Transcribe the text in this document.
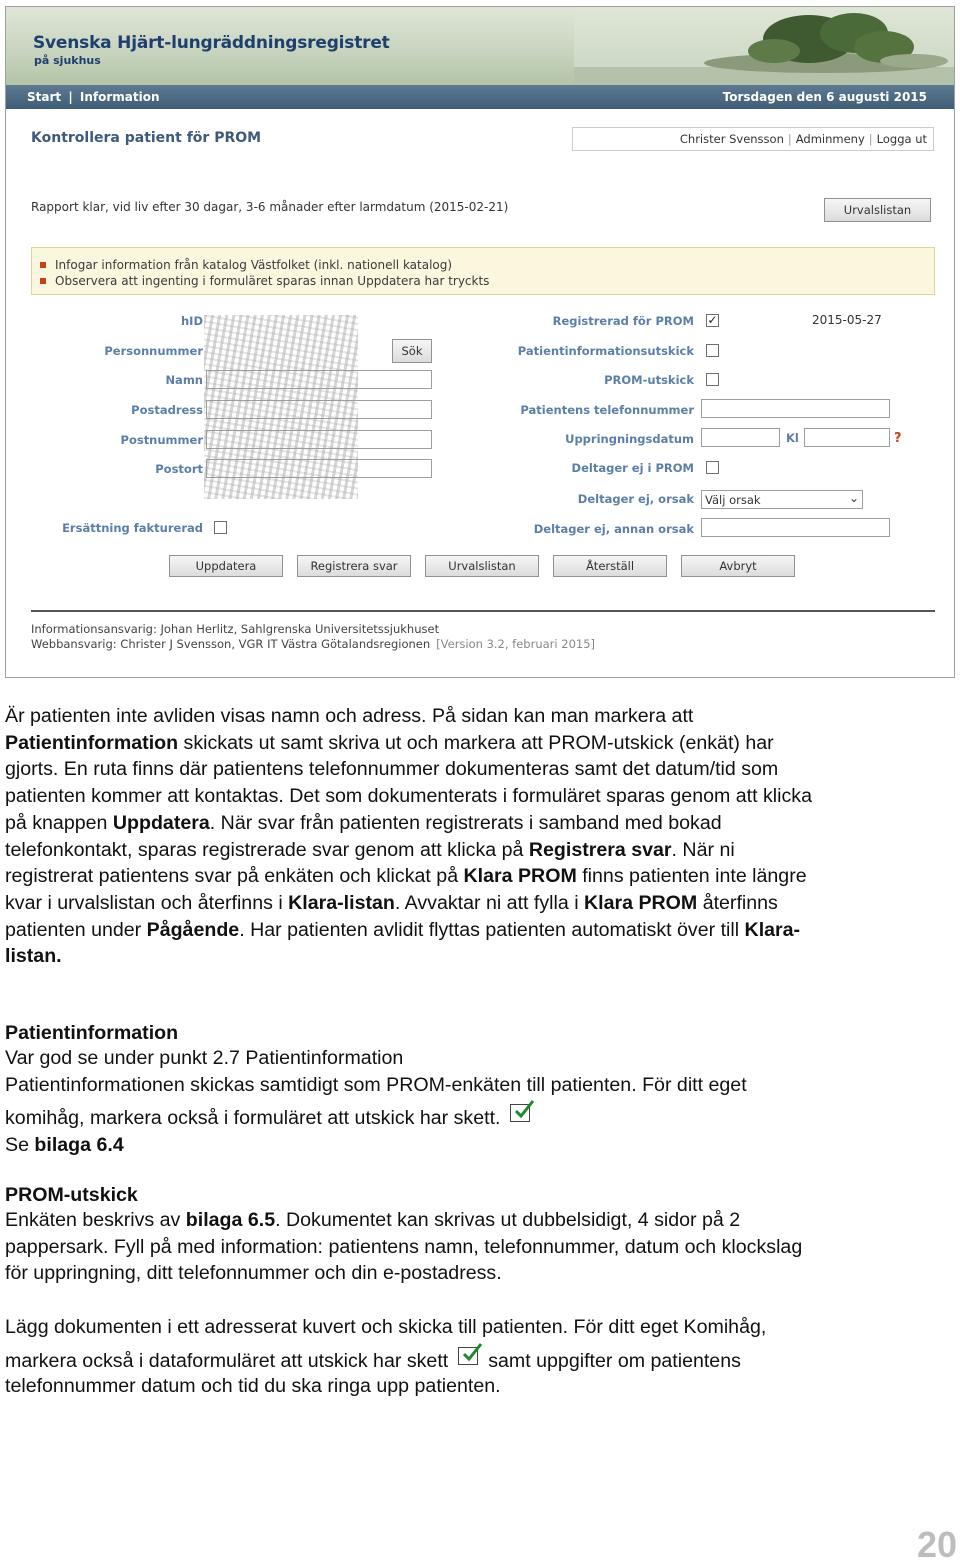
Svenska Hjärt-lungräddningsregistret
på sjukhus
Start | Information	Torsdagen den 6 augusti 2015
Kontrollera patient för PROM	Christer Svensson | Adminmeny | Logga ut
Rapport klar, vid liv efter 30 dagar, 3-6 månader efter larmdatum (2015-02-21)	Urvalslistan
Infogar information från katalog Västfolket (inkl. nationell katalog)
Observera att ingenting i formuläret sparas innan Uppdatera har tryckts
hID
Personnummer	Sök
Namn
Postadress
Postnummer
Postort
Ersättning fakturerad
Registrerad för PROM ✓	2015-05-27
Patientinformationsutskick
PROM-utskick
Patientens telefonnummer
Uppringningsdatum	Kl	?
Deltager ej i PROM
Deltager ej, orsak Välj orsak	⌄
Deltager ej, annan orsak
Uppdatera	Registrera svar	Urvalslistan	Återställ	Avbryt
Informationsansvarig: Johan Herlitz, Sahlgrenska Universitetssjukhuset
Webbansvarig: Christer J Svensson, VGR IT Västra Götalandsregionen [Version 3.2, februari 2015]
Är patienten inte avliden visas namn och adress. På sidan kan man markera att
Patientinformation skickats ut samt skriva ut och markera att PROM-utskick (enkät) har
gjorts. En ruta finns där patientens telefonnummer dokumenteras samt det datum/tid som
patienten kommer att kontaktas. Det som dokumenterats i formuläret sparas genom att klicka
på knappen Uppdatera. När svar från patienten registrerats i samband med bokad
telefonkontakt, sparas registrerade svar genom att klicka på Registrera svar. När ni
registrerat patientens svar på enkäten och klickat på Klara PROM finns patienten inte längre
kvar i urvalslistan och återfinns i Klara-listan. Avvaktar ni att fylla i Klara PROM återfinns
patienten under Pågående. Har patienten avlidit flyttas patienten automatiskt över till Klara-
listan.
Patientinformation
Var god se under punkt 2.7 Patientinformation
Patientinformationen skickas samtidigt som PROM-enkäten till patienten. För ditt eget
komihåg, markera också i formuläret att utskick har skett.
Se bilaga 6.4
PROM-utskick
Enkäten beskrivs av bilaga 6.5. Dokumentet kan skrivas ut dubbelsidigt, 4 sidor på 2
pappersark. Fyll på med information: patientens namn, telefonnummer, datum och klockslag
för uppringning, ditt telefonnummer och din e-postadress.
Lägg dokumenten i ett adresserat kuvert och skicka till patienten. För ditt eget Komihåg,
markera också i dataformuläret att utskick har skett samt uppgifter om patientens
telefonnummer datum och tid du ska ringa upp patienten.
20
